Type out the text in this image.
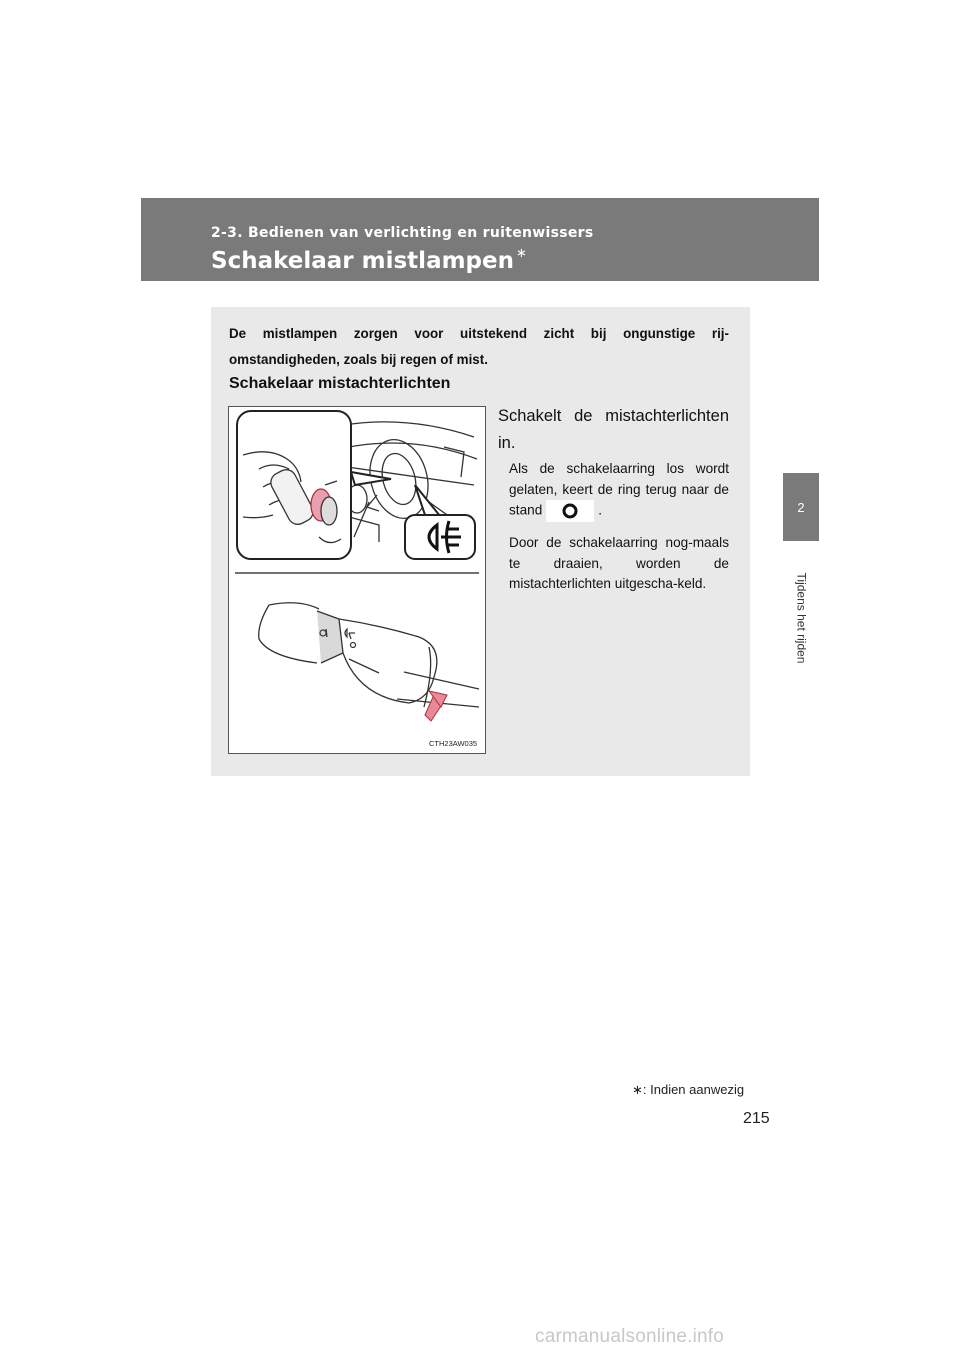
2-3. Bedienen van verlichting en ruitenwissers
Schakelaar mistlampen ∗
2
Tijdens het rijden

De mistlampen zorgen voor uitstekend zicht bij ongunstige rij-omstandigheden, zoals bij regen of mist.

Schakelaar mistachterlichten
CTH23AW035

Schakelt de mistachterlichten in.

Als de schakelaarring los wordt gelaten, keert de ring terug naar de stand	.

Door de schakelaarring nog-maals te draaien, worden de mistachterlichten uitgescha-keld.

∗: Indien aanwezig
215
carmanualsonline.info
